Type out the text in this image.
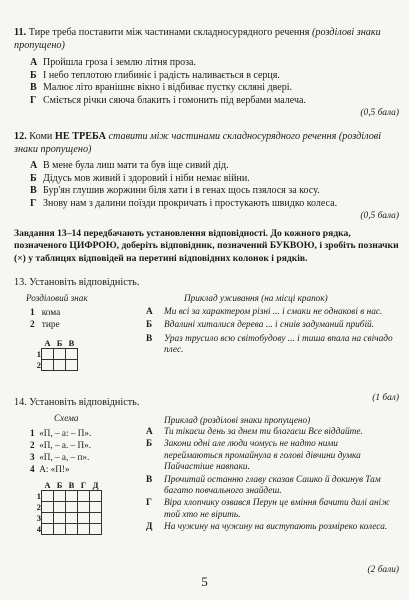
11. Тире треба поставити між частинами складносурядного речення (розділові знаки пропущено)
А Пройшла гроза і землю літня проза.
Б І небо теплотою глибиніє і радість наливається в серця.
В Малює літо вранішнє вікно і відбиває пустку скляні двері.
Г Сміється річки сяюча блакить і гомонить під вербами малеча.
(0,5 бала)
12. Коми НЕ ТРЕБА ставити між частинами складносурядного речення (розділові знаки пропущено)
А В мене була лиш мати та був іще сивий дід.
Б Дідусь мов живий і здоровий і ніби немає війни.
В Бур'ян глушив жоржини біля хати і в генах щось пзялося за косу.
Г Знову нам з далини поїзди прокричать і простукають швидко колеса.
(0,5 бала)
Завдання 13–14 передбачають установлення відповідності. До кожного рядка, позначеного ЦИФРОЮ, доберіть відповідник, позначений БУКВОЮ, і зробіть позначки (×) у таблицях відповідей на перетині відповідних колонок і рядків.
13. Установіть відповідність.
Розділовий знак	Приклад уживання (на місці крапок)
1 кома
2 тире
	А	Б	В
1			
2			
А Ми всі за характером різні ... і смаки не однакові в нас.
Б Вдалині хиталися дерева ... і сниів задуманий прибій.
В Ураз трусило всю світобудову ... і тиша впала на свічадо плес.
(1 бал)
14. Установіть відповідність.
Схема	Приклад (розділові знаки пропущено)
1 «П, – а: – П».
2 «П, – а. – П».
3 «П, – а, – п».
4 А: «П!»
	А	Б	В	Г	Д
1					
2					
3					
4					
А Ти тікаєш день за днем ти благаєш Все віддайте.
Б Закони одні але люди чомусь не надто ними переймаються промайнула в голові дівчини думка Пайчастіше навпаки.
В Прочитай останню главу сказав Сашко й докинув Там багато повчального знайдеш.
Г Віра хлопчику озвався Перун це вміння бачити далі аніж той хто не вірить.
Д На чужину на чужину на виступають розміреко колеса.
(2 бали)
5
